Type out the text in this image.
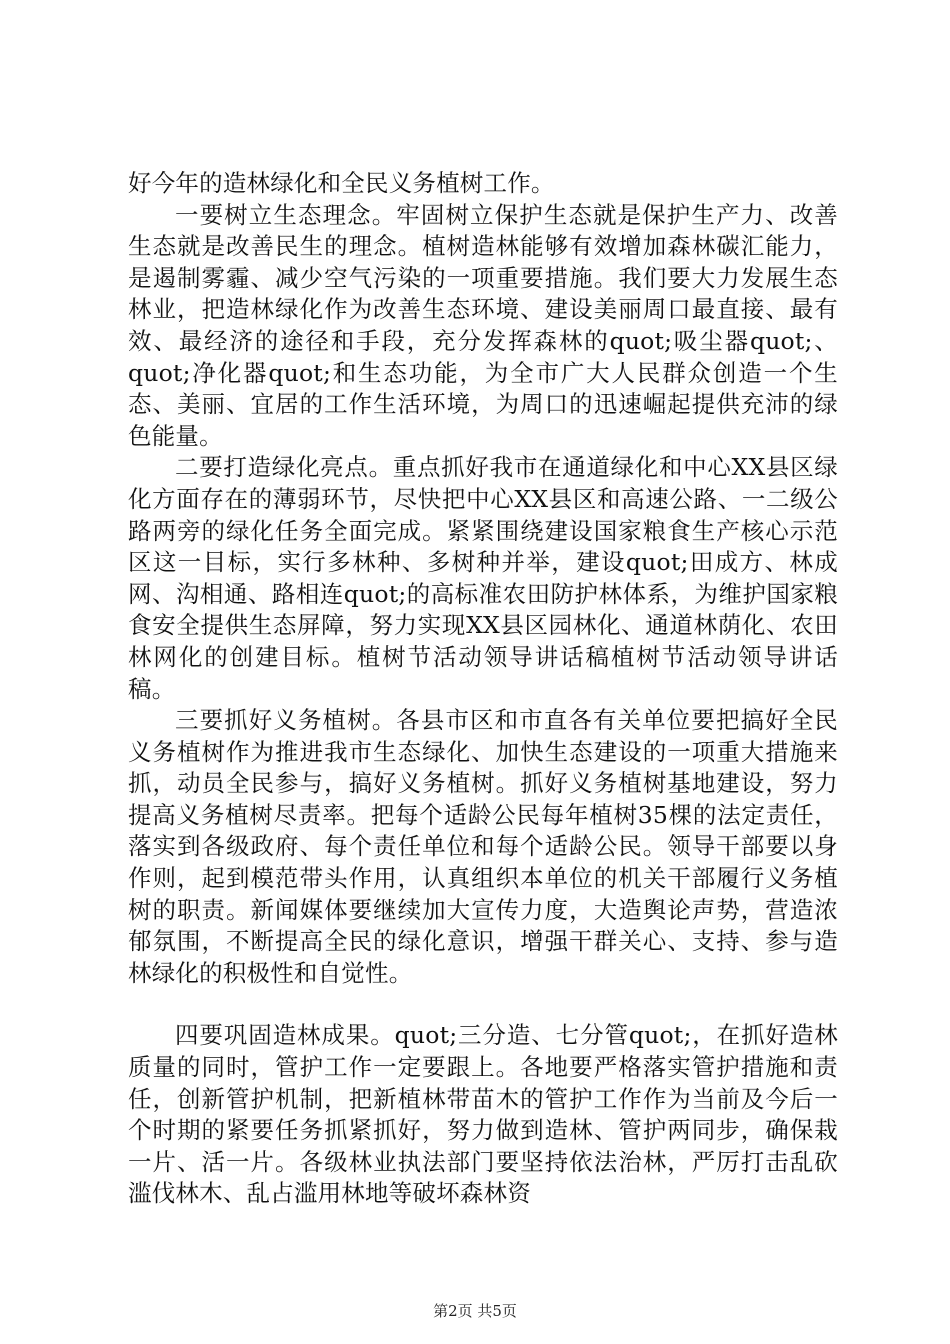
好今年的造林绿化和全民义务植树工作。

一要树立生态理念。牢固树立保护生态就是保护生产力、改善生态就是改善民生的理念。植树造林能够有效增加森林碳汇能力，是遏制雾霾、减少空气污染的一项重要措施。我们要大力发展生态林业，把造林绿化作为改善生态环境、建设美丽周口最直接、最有效、最经济的途径和手段，充分发挥森林的quot;吸尘器quot;、quot;净化器quot;和生态功能，为全市广大人民群众创造一个生态、美丽、宜居的工作生活环境，为周口的迅速崛起提供充沛的绿色能量。

二要打造绿化亮点。重点抓好我市在通道绿化和中心XX县区绿化方面存在的薄弱环节，尽快把中心XX县区和高速公路、一二级公路两旁的绿化任务全面完成。紧紧围绕建设国家粮食生产核心示范区这一目标，实行多林种、多树种并举，建设quot;田成方、林成网、沟相通、路相连quot;的高标准农田防护林体系，为维护国家粮食安全提供生态屏障，努力实现XX县区园林化、通道林荫化、农田林网化的创建目标。植树节活动领导讲话稿植树节活动领导讲话稿。

三要抓好义务植树。各县市区和市直各有关单位要把搞好全民义务植树作为推进我市生态绿化、加快生态建设的一项重大措施来抓，动员全民参与，搞好义务植树。抓好义务植树基地建设，努力提高义务植树尽责率。把每个适龄公民每年植树35棵的法定责任，落实到各级政府、每个责任单位和每个适龄公民。领导干部要以身作则，起到模范带头作用，认真组织本单位的机关干部履行义务植树的职责。新闻媒体要继续加大宣传力度，大造舆论声势，营造浓郁氛围，不断提高全民的绿化意识，增强干群关心、支持、参与造林绿化的积极性和自觉性。

四要巩固造林成果。quot;三分造、七分管quot;，在抓好造林质量的同时，管护工作一定要跟上。各地要严格落实管护措施和责任，创新管护机制，把新植林带苗木的管护工作作为当前及今后一个时期的紧要任务抓紧抓好，努力做到造林、管护两同步，确保栽一片、活一片。各级林业执法部门要坚持依法治林，严厉打击乱砍滥伐林木、乱占滥用林地等破坏森林资

第2页 共5页
